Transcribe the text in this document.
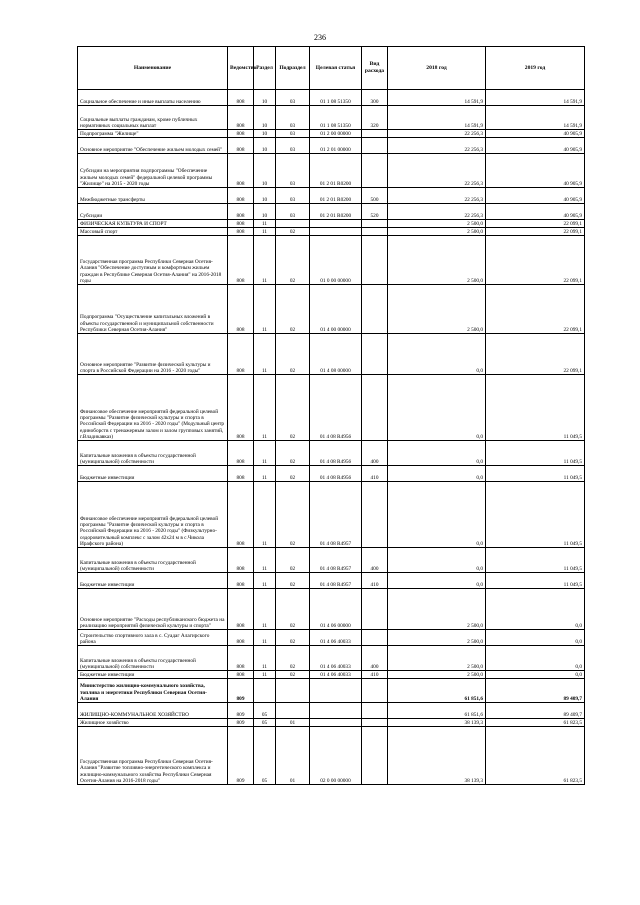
236
Наименование	Ведомство	Раздел	Подраздел	Целевая статья	Вид расхода	2018 год	2019 год
Социальное обеспечение и иные выплаты населению	808	10	03	01 1 08 51350	300	14 591,9	14 591,9
Социальные выплаты гражданам, кроме публичных нормативных социальных выплат	808	10	03	01 1 08 51350	320	14 591,9	14 591,9
Подпрограмма "Жилище"	808	10	03	01 2 00 00000		22 256,3	40 905,9
Основное мероприятие "Обеспечение жильем молодых семей"	808	10	03	01 2 01 00000		22 256,3	40 905,9
Субсидии на мероприятия подпрограммы "Обеспечение жильем молодых семей" федеральной целевой программы "Жилище" на 2015 - 2020 годы	808	10	03	01 2 01 R0200		22 256,3	40 905,9
Межбюджетные трансферты	808	10	03	01 2 01 R0200	500	22 256,3	40 905,9
Субсидии	808	10	03	01 2 01 R0200	520	22 256,3	40 905,9
ФИЗИЧЕСКАЯ КУЛЬТУРА И СПОРТ	808	11				2 500,0	22 099,1
Массовый спорт	808	11	02			2 500,0	22 099,1
Государственная программа Республики Северная Осетия-Алания "Обеспечение доступным и комфортным жильем граждан в Республике Северная Осетия-Алания" на 2016-2018 годы	808	11	02	01 0 00 00000		2 500,0	22 099,1
Подпрограмма "Осуществление капитальных вложений в объекты государственной и муниципальной собственности Республики Северная Осетия-Алания"	808	11	02	01 4 00 00000		2 500,0	22 099,1
Основное мероприятие "Развитие физической культуры и спорта в Российской Федерации на 2016 - 2020 годы"	808	11	02	01 4 08 00000		0,0	22 099,1
Финансовое обеспечение мероприятий федеральной целевой программы "Развитие физической культуры и спорта в Российской Федерации на 2016 - 2020 годы" (Модульный центр единоборств с тренажерным залом и залом групповых занятий, г.Владикавказ)	808	11	02	01 4 08 R4956		0,0	11 049,5
Капитальные вложения в объекты государственной (муниципальной) собственности	808	11	02	01 4 08 R4956	400	0,0	11 049,5
Бюджетные инвестиции	808	11	02	01 4 08 R4956	410	0,0	11 049,5
Финансовое обеспечение мероприятий федеральной целевой программы "Развитие физической культуры и спорта в Российской Федерации на 2016 - 2020 годы" (Физкультурно-оздоровительный комплекс с залом 42х24 м в с.Чикола Ирафского района)	808	11	02	01 4 08 R4957		0,0	11 049,5
Капитальные вложения в объекты государственной (муниципальной) собственности	808	11	02	01 4 08 R4957	400	0,0	11 049,5
Бюджетные инвестиции	808	11	02	01 4 08 R4957	410	0,0	11 049,5
Основное мероприятие "Расходы республиканского бюджета на реализацию мероприятий физической культуры и спорта"	808	11	02	01 4 06 00000		2 500,0	0,0
Строительство спортивного зала в с. Суадаг Алагирского района	808	11	02	01 4 06 40033		2 500,0	0,0
Капитальные вложения в объекты государственной (муниципальной) собственности	808	11	02	01 4 06 40033	400	2 500,0	0,0
Бюджетные инвестиции	808	11	02	01 4 06 40033	410	2 500,0	0,0
Министерство жилищно-коммунального хозяйства, топлива и энергетики Республики Северная Осетия-Алания	809					61 851,6	89 409,7
ЖИЛИЩНО-КОММУНАЛЬНОЕ ХОЗЯЙСТВО	809	05				61 851,6	89 409,7
Жилищное хозяйство	809	05	01			38 139,3	61 823,5
Государственная программа Республики Северная Осетия-Алания "Развитие топливно-энергетического комплекса и жилищно-коммунального хозяйства Республики Северная Осетия-Алания на 2016-2018 годы"	809	05	01	02 0 00 00000		38 139,3	61 823,5
